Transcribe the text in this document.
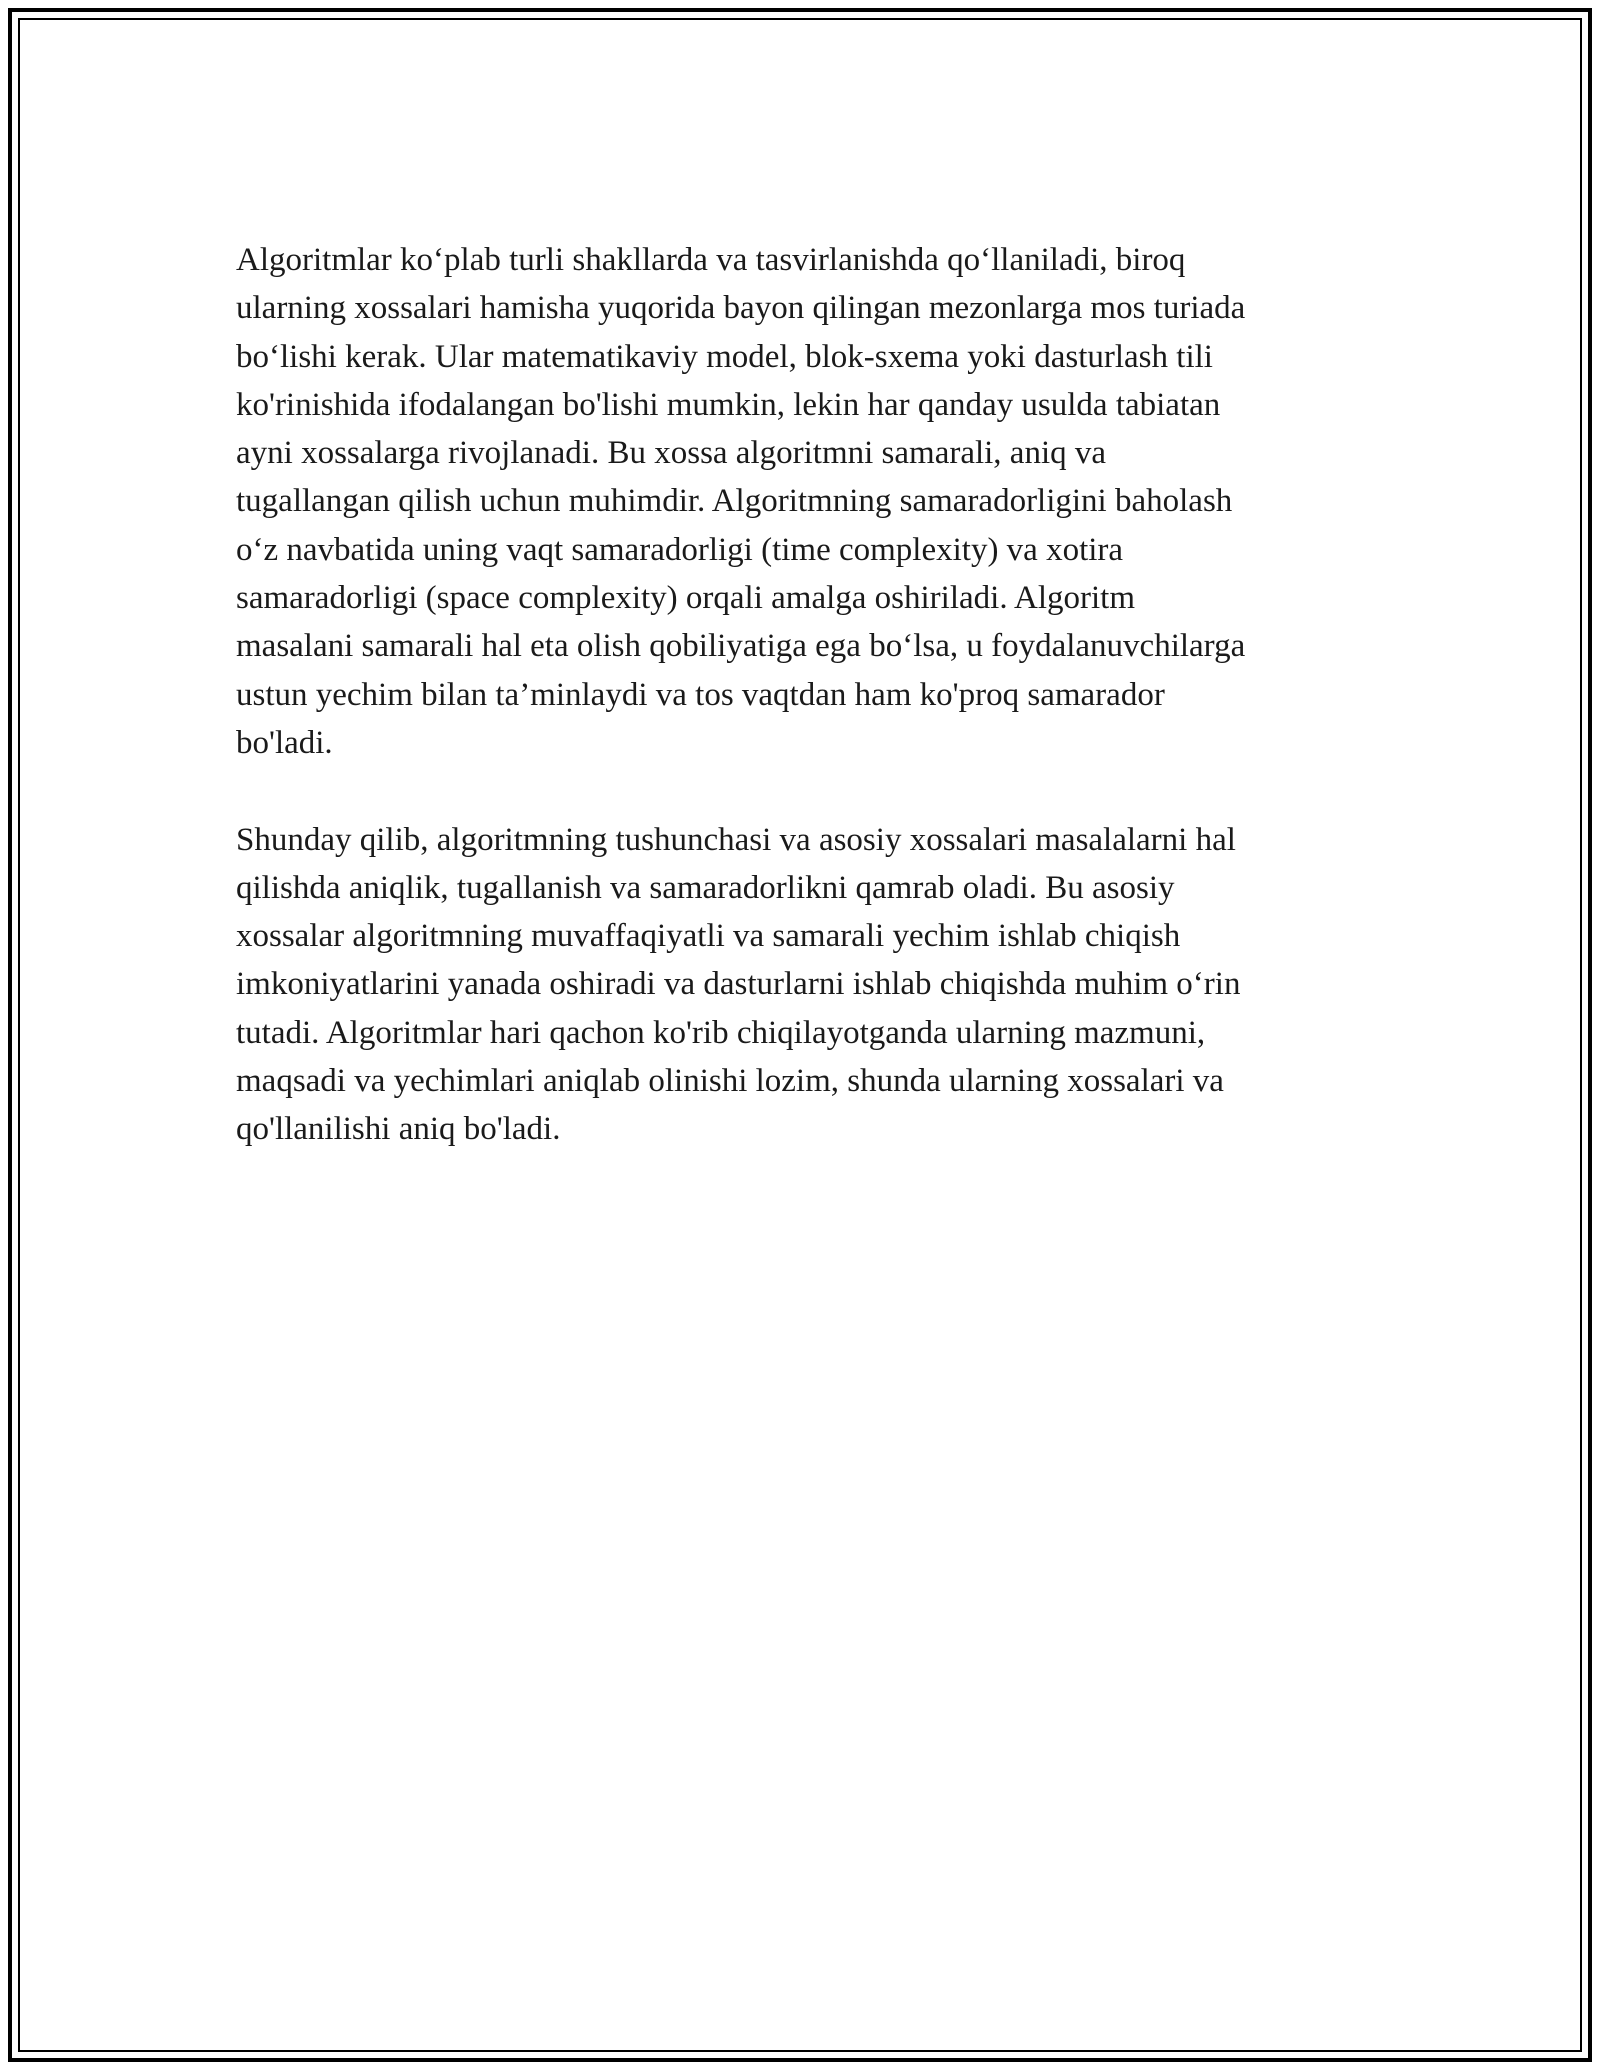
Algoritmlar ko‘plab turli shakllarda va tasvirlanishda qo‘llaniladi, biroq
ularning xossalari hamisha yuqorida bayon qilingan mezonlarga mos turiada
bo‘lishi kerak. Ular matematikaviy model, blok-sxema yoki dasturlash tili
ko'rinishida ifodalangan bo'lishi mumkin, lekin har qanday usulda tabiatan
ayni xossalarga rivojlanadi. Bu xossa algoritmni samarali, aniq va
tugallangan qilish uchun muhimdir. Algoritmning samaradorligini baholash
o‘z navbatida uning vaqt samaradorligi (time complexity) va xotira
samaradorligi (space complexity) orqali amalga oshiriladi. Algoritm
masalani samarali hal eta olish qobiliyatiga ega bo‘lsa, u foydalanuvchilarga
ustun yechim bilan ta’minlaydi va tos vaqtdan ham ko'proq samarador
bo'ladi.

Shunday qilib, algoritmning tushunchasi va asosiy xossalari masalalarni hal
qilishda aniqlik, tugallanish va samaradorlikni qamrab oladi. Bu asosiy
xossalar algoritmning muvaffaqiyatli va samarali yechim ishlab chiqish
imkoniyatlarini yanada oshiradi va dasturlarni ishlab chiqishda muhim o‘rin
tutadi. Algoritmlar hari qachon ko'rib chiqilayotganda ularning mazmuni,
maqsadi va yechimlari aniqlab olinishi lozim, shunda ularning xossalari va
qo'llanilishi aniq bo'ladi.
